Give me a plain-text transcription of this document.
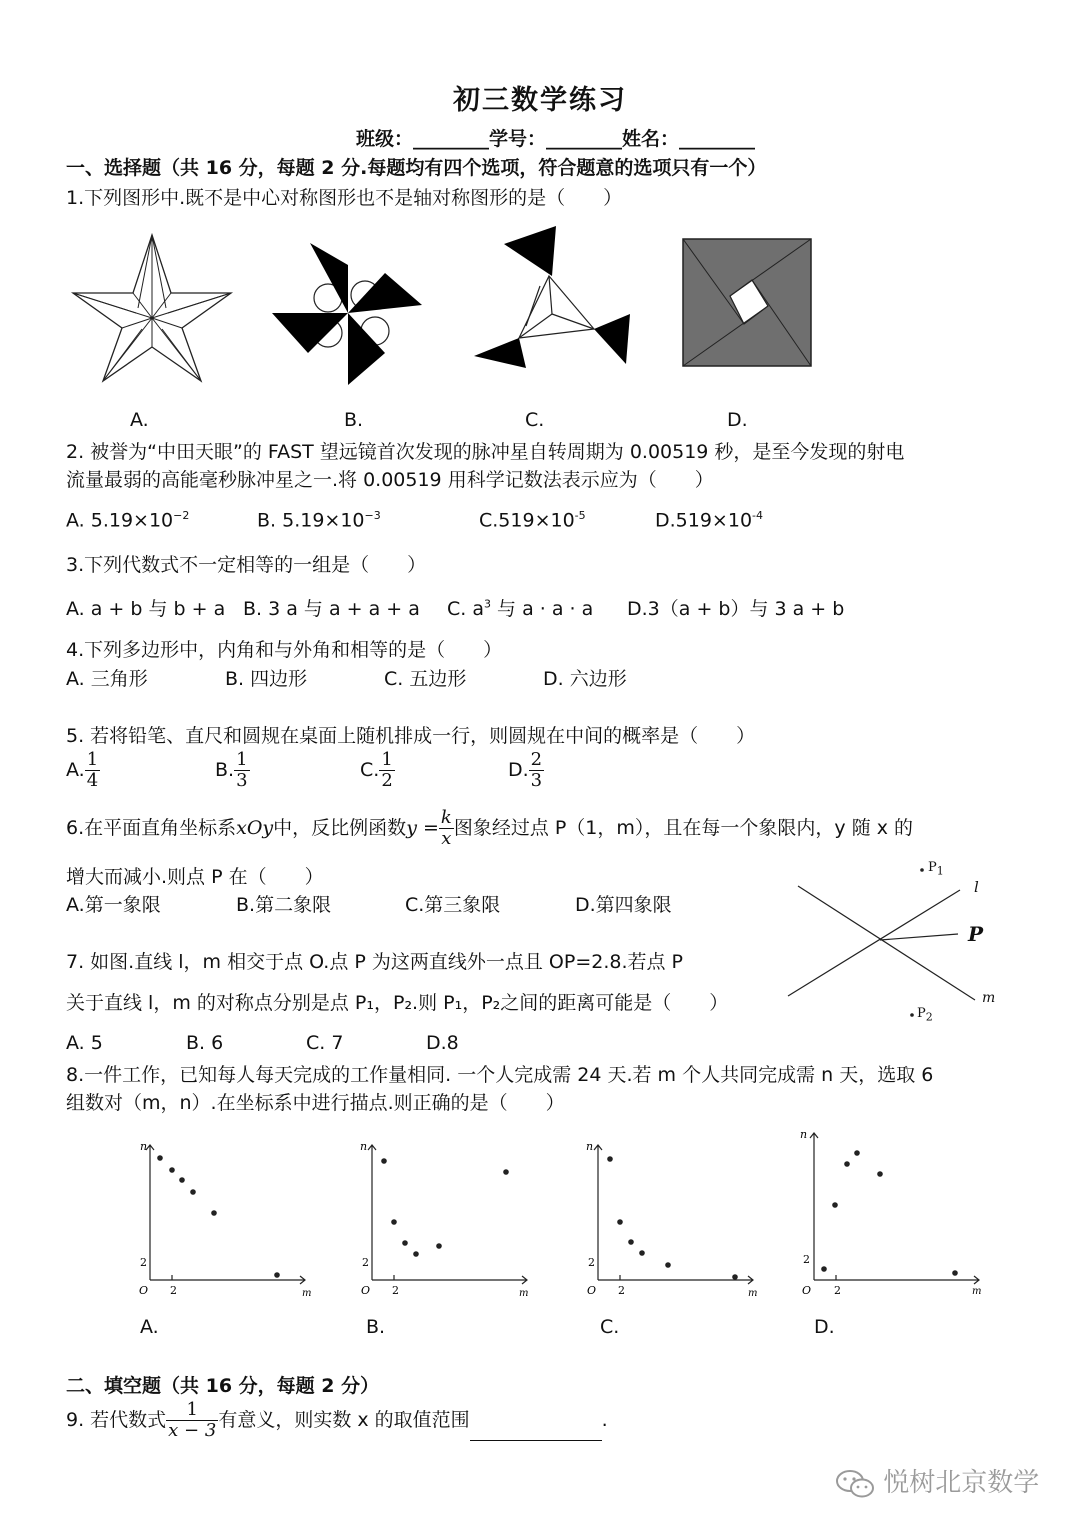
初三数学练习
班级：________学号：________姓名：________
一、选择题（共 16 分，每题 2 分.每题均有四个选项，符合题意的选项只有一个）
1.下列图形中.既不是中心对称图形也不是轴对称图形的是（　　）
A.	B.	C.	D.
2. 被誉为“中田天眼”的 FAST 望远镜首次发现的脉冲星自转周期为 0.00519 秒，是至今发现的射电
流量最弱的高能毫秒脉冲星之一.将 0.00519 用科学记数法表示应为（　　）
A. $5.19\times 10^{-2}$	B. $5.19\times 10^{-3}$	$C.519\times 10^{-5}$	$D.519\times 10^{-4}$
3.下列代数式不一定相等的一组是（　　）
A. a + b 与 b + a B. 3 a 与 a + a + a C. $a^3$ 与 a · a · a D.3（a + b）与 3 a + b
4.下列多边形中，内角和与外角和相等的是（　　）
A. 三角形	B. 四边形	C. 五边形	D. 六边形
5. 若将铅笔、直尺和圆规在桌面上随机排成一行，则圆规在中间的概率是（　　）
A. $\frac{1}{4}$	B. $\frac{1}{3}$	C. $\frac{1}{2}$	D. $\frac{2}{3}$
6.在平面直角坐标系xOy中，反比例函数$y = \frac{k}{x}$ 图象经过点 P（1，m），且在每一个象限内，y 随 x 的
增大而减小.则点 P 在（　　）
A.第一象限	B.第二象限	C.第三象限	D.第四象限
$P_1$
l
P
m
$P_2$
7. 如图.直线 l，m 相交于点 O.点 P 为这两直线外一点且 OP=2.8.若点 P
关于直线 l，m 的对称点分别是点 P₁，P₂.则 P₁，P₂之间的距离可能是（　　）
A. 5	B. 6	C. 7	D.8
8.一件工作，已知每人每天完成的工作量相同. 一个人完成需 24 天.若 m 个人共同完成需 n 天，选取 6
组数对（m，n）.在坐标系中进行描点.则正确的是（　　）
n
m
O 2
2
n
m
O 2
2
n
m
O 2
2
n
m
O 2
2
A.	B.	C.	D.
二、填空题（共 16 分，每题 2 分）
9. 若代数式 $\frac{1}{x - 3}$ 有意义，则实数 x 的取值范围	.
悦树北京数学
